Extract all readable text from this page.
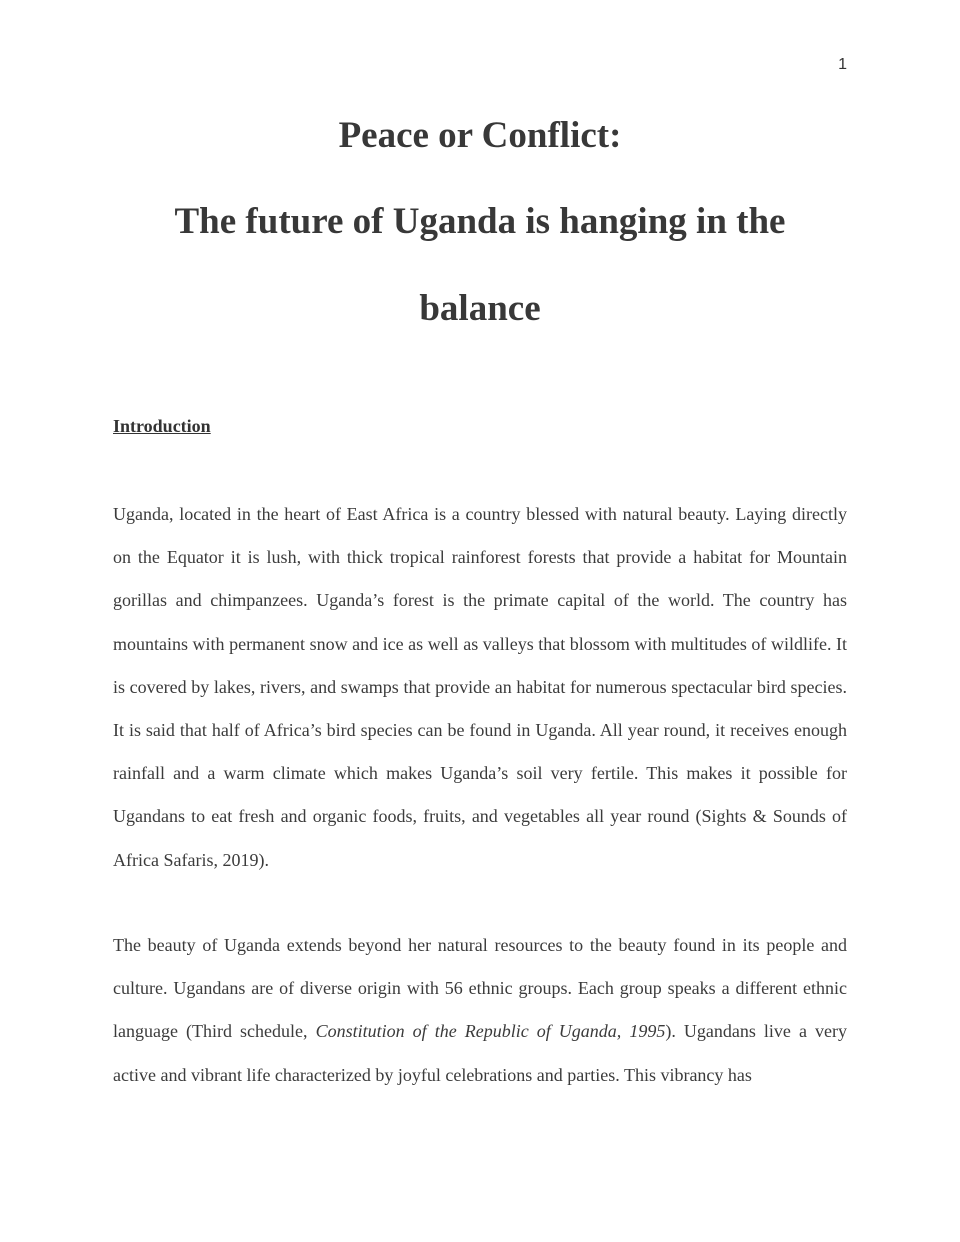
1
Peace or Conflict:
The future of Uganda is hanging in the
balance
Introduction

Uganda, located in the heart of East Africa is a country blessed with natural beauty. Laying directly on the Equator it is lush, with thick tropical rainforest forests that provide a habitat for Mountain gorillas and chimpanzees. Uganda’s forest is the primate capital of the world. The country has mountains with permanent snow and ice as well as valleys that blossom with multitudes of wildlife. It is covered by lakes, rivers, and swamps that provide an habitat for numerous spectacular bird species. It is said that half of Africa’s bird species can be found in Uganda. All year round, it receives enough rainfall and a warm climate which makes Uganda’s soil very fertile. This makes it possible for Ugandans to eat fresh and organic foods, fruits, and vegetables all year round (Sights & Sounds of Africa Safaris, 2019).

The beauty of Uganda extends beyond her natural resources to the beauty found in its people and culture. Ugandans are of diverse origin with 56 ethnic groups. Each group speaks a different ethnic language (Third schedule, Constitution of the Republic of Uganda, 1995). Ugandans live a very active and vibrant life characterized by joyful celebrations and parties. This vibrancy has
